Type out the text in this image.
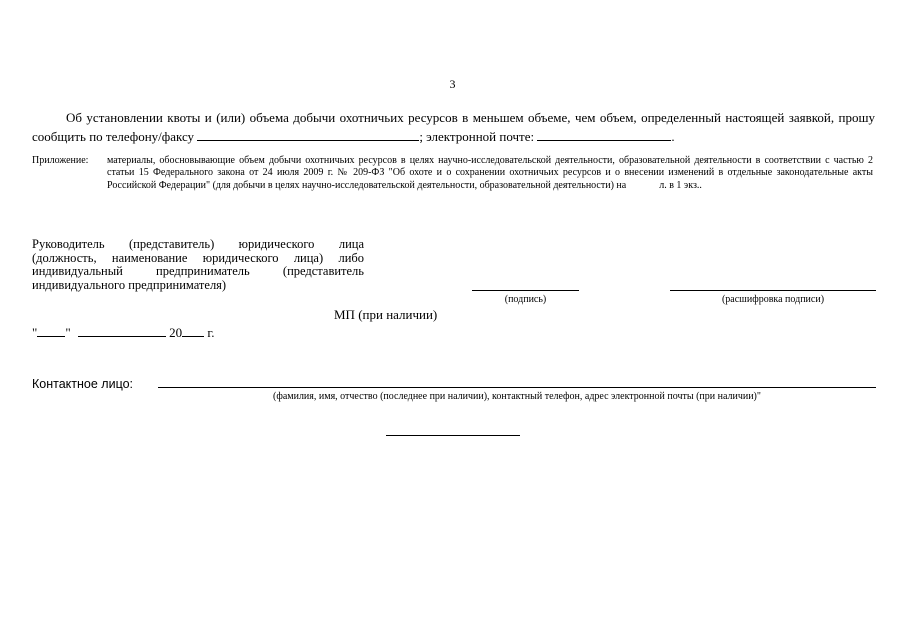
3
Об установлении квоты и (или) объема добычи охотничьих ресурсов в меньшем объеме, чем объем, определенный настоящей заявкой, прошу сообщить по телефону/факсу	; электронной почте:	.
Приложение: материалы, обосновывающие объем добычи охотничьих ресурсов в целях научно-исследовательской деятельности, образовательной деятельности в соответствии с частью 2 статьи 15 Федерального закона от 24 июля 2009 г. № 209-ФЗ "Об охоте и о сохранении охотничьих ресурсов и о внесении изменений в отдельные законодательные акты Российской Федерации" (для добычи в целях научно-исследовательской деятельности, образовательной деятельности) на	л. в 1 экз..
Руководитель (представитель) юридического лица (должность, наименование юридического лица) либо индивидуальный предприниматель (представитель индивидуального предпринимателя)
(подпись)	(расшифровка подписи)
МП (при наличии)
" "	20 г.
Контактное лицо:
(фамилия, имя, отчество (последнее при наличии), контактный телефон, адрес электронной почты (при наличии)"
